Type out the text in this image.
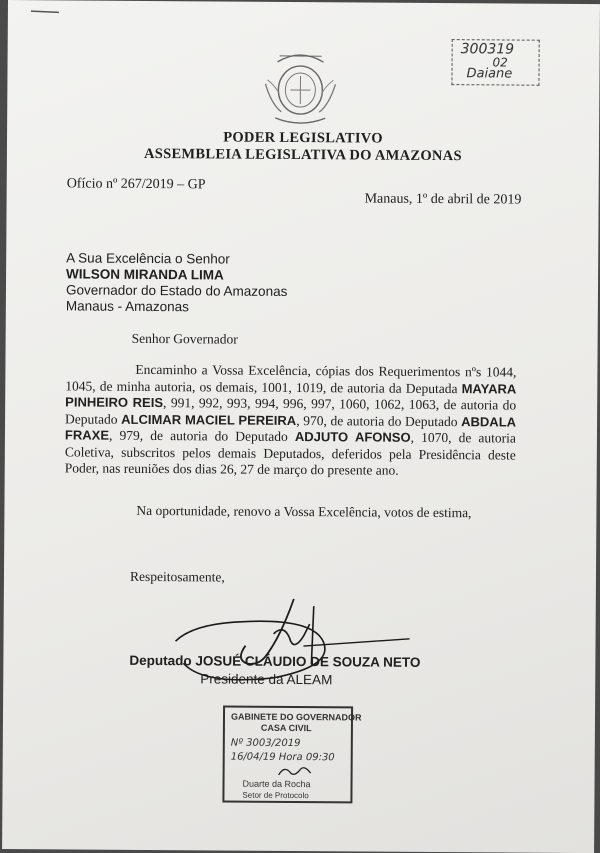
300319
02
Daiane
PODER LEGISLATIVO
ASSEMBLEIA LEGISLATIVA DO AMAZONAS
Ofício nº 267/2019 – GP
Manaus, 1º de abril de 2019
A Sua Excelência o Senhor
WILSON MIRANDA LIMA
Governador do Estado do Amazonas
Manaus - Amazonas
Senhor Governador
Encaminho a Vossa Excelência, cópias dos Requerimentos nºs 1044, 1045, de minha autoria, os demais, 1001, 1019, de autoria da Deputada MAYARA PINHEIRO REIS, 991, 992, 993, 994, 996, 997, 1060, 1062, 1063, de autoria do Deputado ALCIMAR MACIEL PEREIRA, 970, de autoria do Deputado ABDALA FRAXE, 979, de autoria do Deputado ADJUTO AFONSO, 1070, de autoria Coletiva, subscritos pelos demais Deputados, deferidos pela Presidência deste Poder, nas reuniões dos dias 26, 27 de março do presente ano.
Na oportunidade, renovo a Vossa Excelência, votos de estima,
Respeitosamente,
Deputado JOSUÉ CLÁUDIO DE SOUZA NETO
Presidente da ALEAM
GABINETE DO GOVERNADOR
CASA CIVIL
Nº 3003/2019
16/04/19 Hora 09:30
Duarte da Rocha
Setor de Protocolo
